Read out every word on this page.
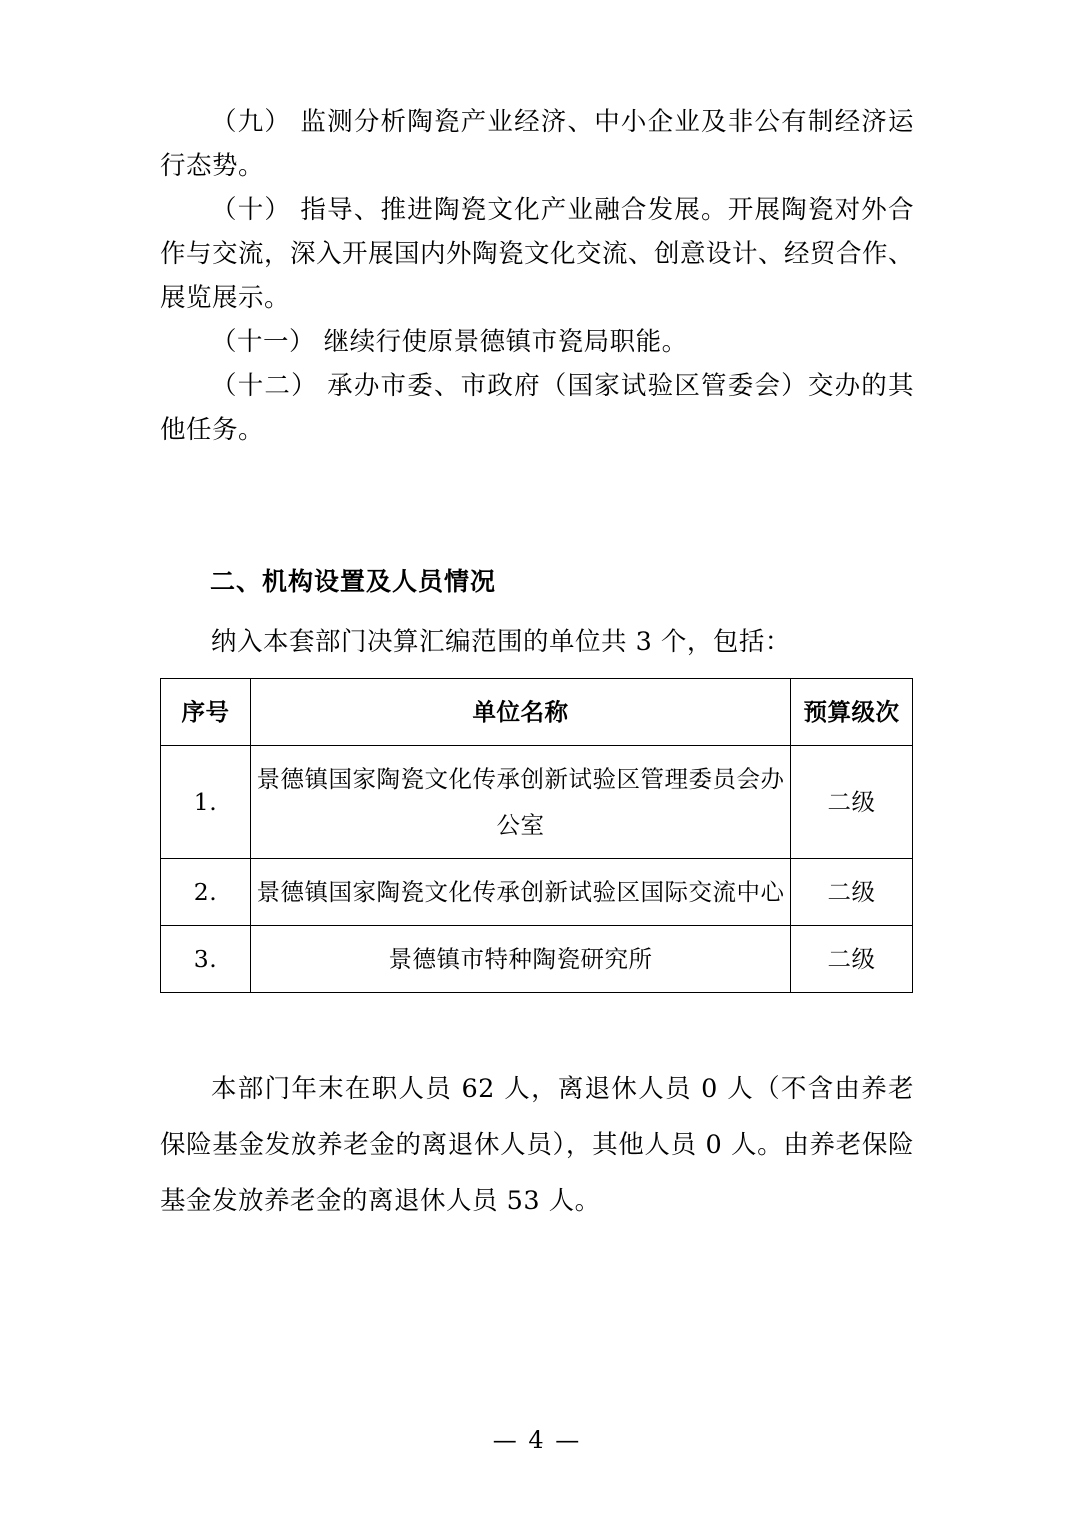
（九） 监测分析陶瓷产业经济、中小企业及非公有制经济运 行态势。

（十） 指导、推进陶瓷文化产业融合发展。开展陶瓷对外合 作与交流，深入开展国内外陶瓷文化交流、创意设计、经贸合作、 展览展示。

（十一） 继续行使原景德镇市瓷局职能。

（十二） 承办市委、市政府（国家试验区管委会）交办的其他任务。

二、机构设置及人员情况

纳入本套部门决算汇编范围的单位共 3 个，包括：

序号	单位名称	预算级次
1.	景德镇国家陶瓷文化传承创新试验区管理委员会办公室	二级
2.	景德镇国家陶瓷文化传承创新试验区国际交流中心	二级
3.	景德镇市特种陶瓷研究所	二级

本部门年末在职人员 62 人，离退休人员 0 人（不含由养老保险基金发放养老金的离退休人员），其他人员 0 人。由养老保险基金发放养老金的离退休人员 53 人。

— 4 —
